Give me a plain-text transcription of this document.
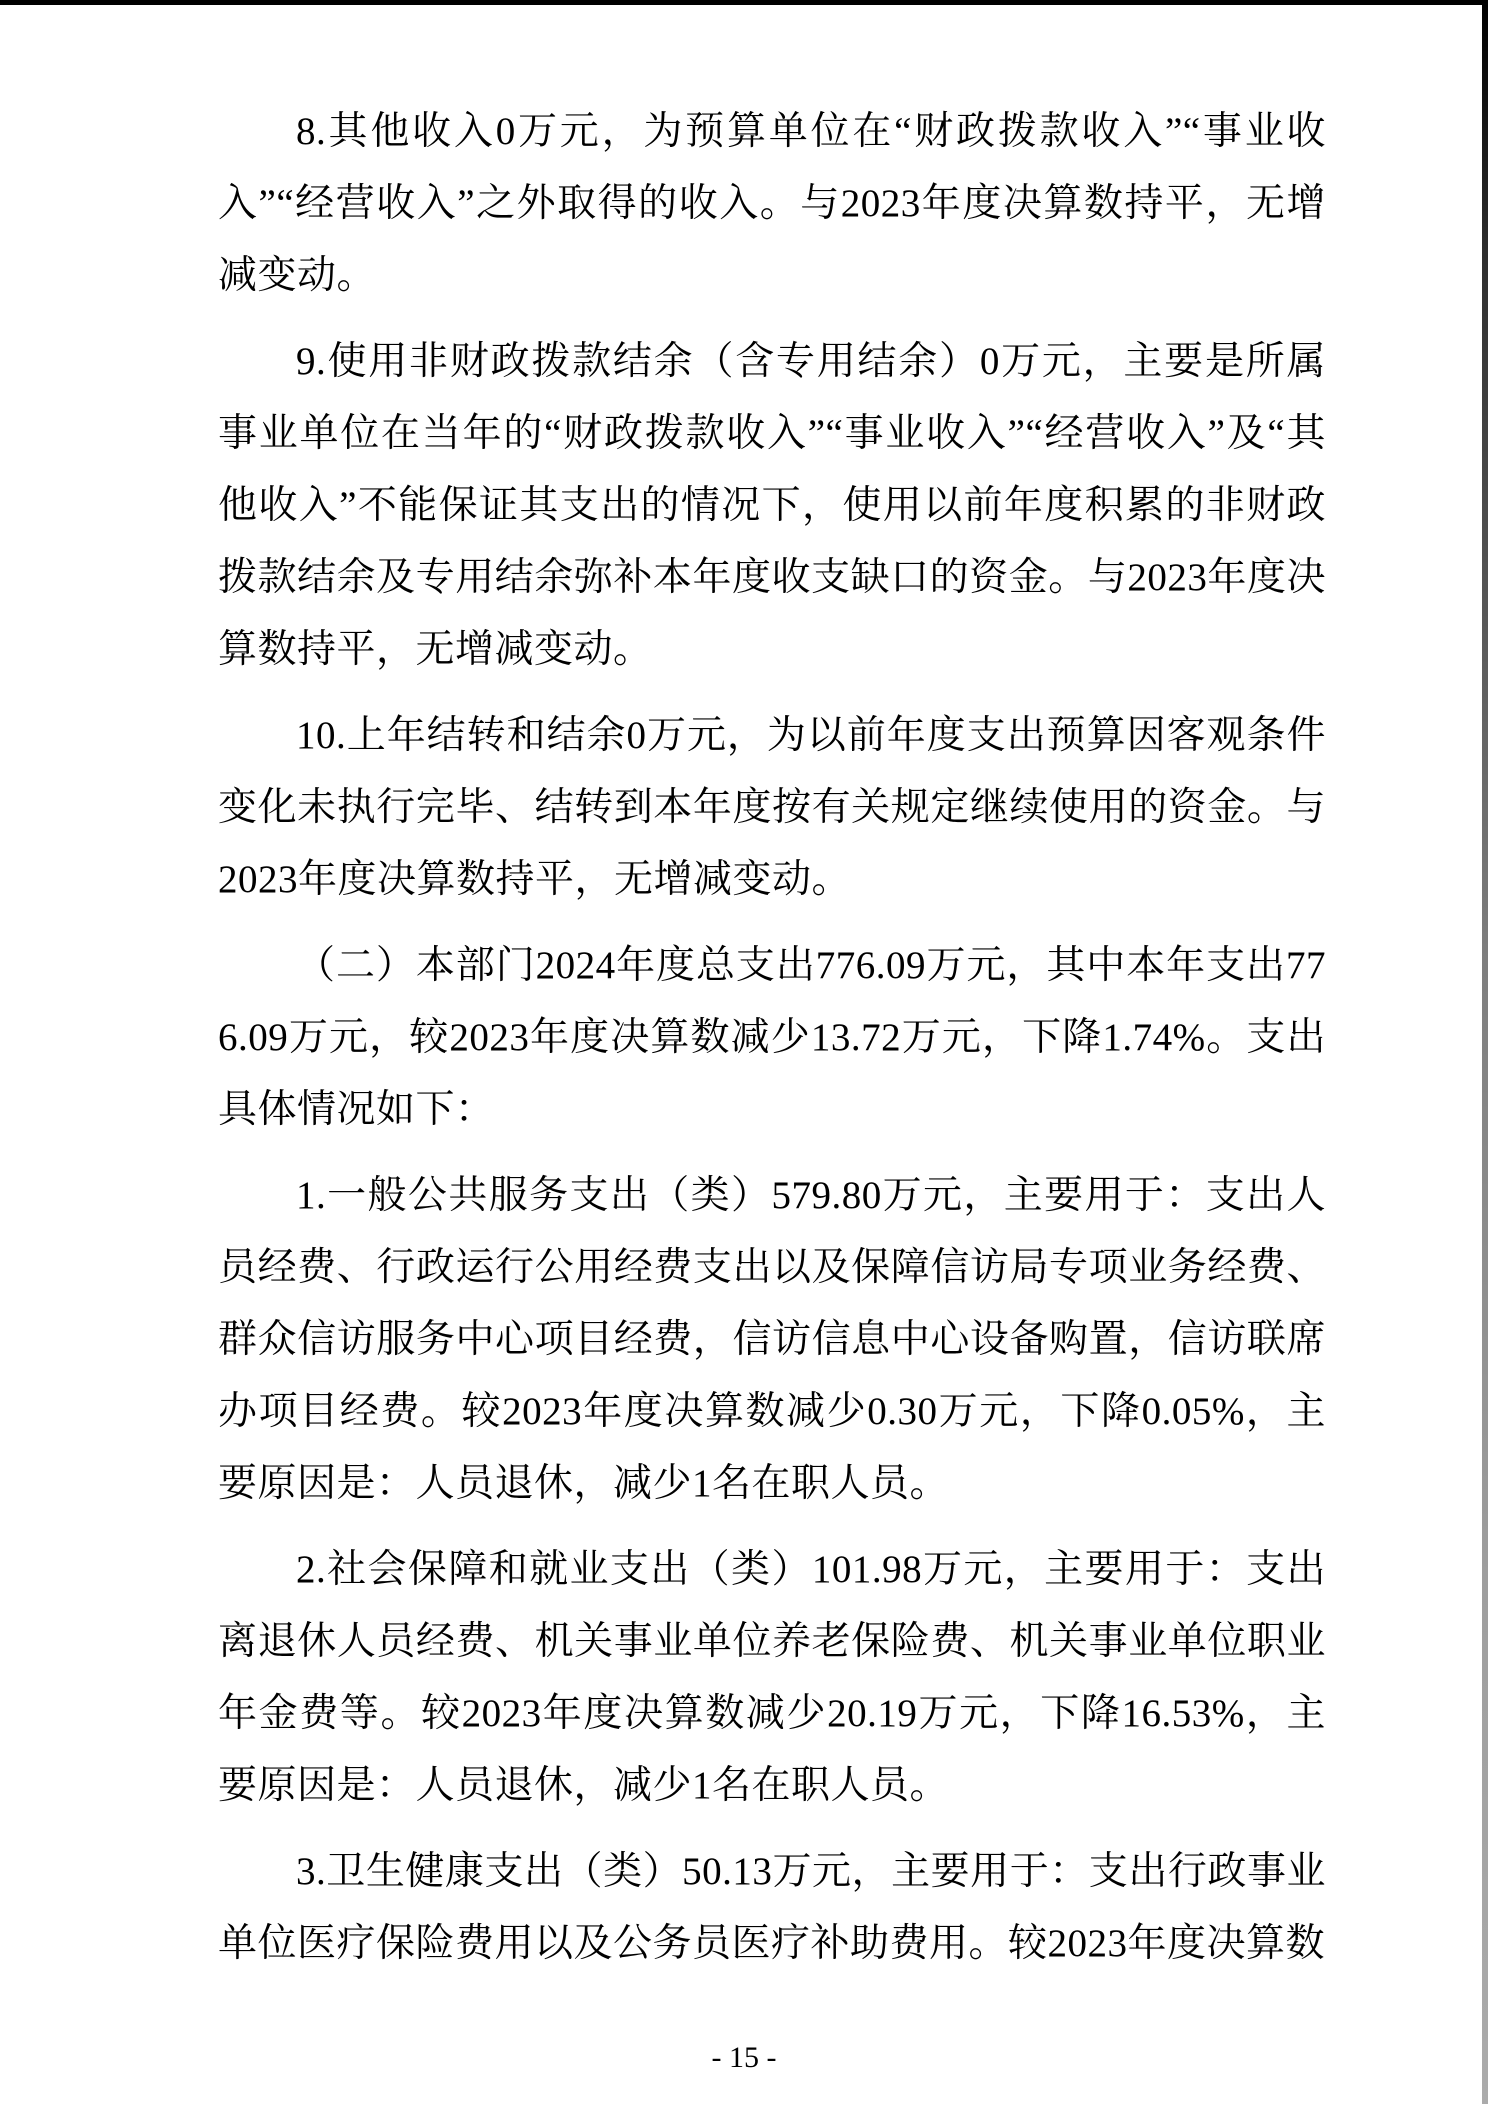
8.其他收入0万元，为预算单位在“财政拨款收入”“事业收入”“经营收入”之外取得的收入。与2023年度决算数持平，无增减变动。

9.使用非财政拨款结余（含专用结余）0万元，主要是所属事业单位在当年的“财政拨款收入”“事业收入”“经营收入”及“其他收入”不能保证其支出的情况下，使用以前年度积累的非财政拨款结余及专用结余弥补本年度收支缺口的资金。与2023年度决算数持平，无增减变动。

10.上年结转和结余0万元，为以前年度支出预算因客观条件变化未执行完毕、结转到本年度按有关规定继续使用的资金。与2023年度决算数持平，无增减变动。

（二）本部门2024年度总支出776.09万元，其中本年支出776.09万元，较2023年度决算数减少13.72万元，下降1.74%。支出具体情况如下：

1.一般公共服务支出（类）579.80万元，主要用于：支出人员经费、行政运行公用经费支出以及保障信访局专项业务经费、群众信访服务中心项目经费，信访信息中心设备购置，信访联席办项目经费。较2023年度决算数减少0.30万元，下降0.05%，主要原因是：人员退休，减少1名在职人员。

2.社会保障和就业支出（类）101.98万元，主要用于：支出离退休人员经费、机关事业单位养老保险费、机关事业单位职业年金费等。较2023年度决算数减少20.19万元，下降16.53%，主要原因是：人员退休，减少1名在职人员。

3.卫生健康支出（类）50.13万元，主要用于：支出行政事业单位医疗保险费用以及公务员医疗补助费用。较2023年度决算数

- 15 -
